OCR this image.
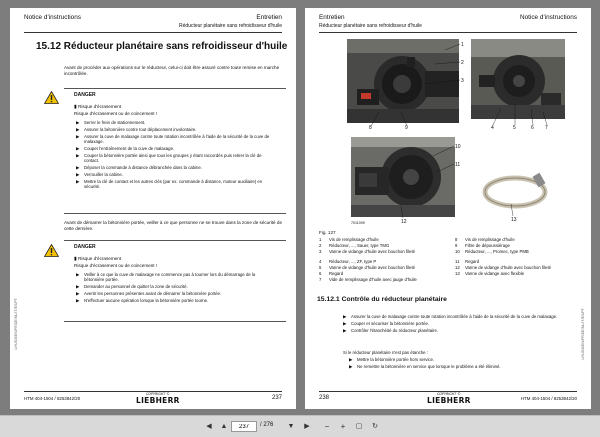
Notice d'instructions	Entretien
Réducteur planétaire sans refroidisseur d'huile
15.12 Réducteur planétaire sans refroidisseur d'huile
Avant de procéder aux opérations sur le réducteur, celui-ci doit être assuré contre toute remise en marche incontrôlée.
DANGER
▮ Risque d'écrasement
Risque d'écrasement ou de coincement !
▶ Serrer le frein de stationnement.
▶ Assurer la bétonnière contre tout déplacement involontaire.
▶ Assurer la cuve de malaxage contre toute rotation incontrôlée à l'aide de la sécurité de la cuve de malaxage.
▶ Couper l'entraînement de la cuve de malaxage.
▶ Couper la bétonnière portée ainsi que tous les groupes y étant raccordés puis retirer la clé de contact.
▶ Déposer la commande à distance débranchée dans la cabine.
▶ Verrouiller la cabine.
▶ Mettre la clé de contact et les autres clés (par ex. commande à distance, moteur auxiliaire) en sécurité.
Avant de démarrer la bétonnière portée, veiller à ce que personne ne se trouve dans la zone de sécurité de cette dernière.
DANGER
▮ Risque d'écrasement
Risque d'écrasement ou de coincement !
▶ Veiller à ce que la cuve de malaxage ne commence pas à tourner lors du démarrage de la bétonnière portée.
▶ Demander au personnel de quitter la zone de sécurité.
▶ Avertir les personnes présentes avant de démarrer la bétonnière portée.
▶ N'effectuer aucune opération lorsque la bétonnière portée tourne.
LHUS/8/EN/FR/DE/NL/IT/ES/PT
HTM 404-1504 / 8253842/20
COPYRIGHT ©
LIEBHERR	237
Entretien	Notice d'instructions
Réducteur planétaire sans refroidisseur d'huile
1
2
3
4	5	6 7
8	9
10
11
12	13
7011099
Fig. 127
1 Vis de remplissage d'huile
2 Réducteur, ..., Sauer, type TMG
3 Vanne de vidange d'huile avec bouchon fileté
4 Réducteur, ..., ZF, type P
5 Vanne de vidange d'huile avec bouchon fileté
6 Regard
7 Vide de remplissage d'huile avec jauge d'huile
8 Vis de remplissage d'huile
9 Filtre de dépoussiérage
10 Réducteur, ..., Promec, type PMB
11 Regard
12 Vanne de vidange d'huile avec bouchon fileté
13 Vanne de vidange avec flexible
15.12.1 Contrôle du réducteur planétaire
▶ Assurer la cuve de malaxage contre toute rotation incontrôlée à l'aide de la sécurité de la cuve de malaxage.
▶ Couper et sécuriser la bétonnière portée.
▶ Contrôler l'étanchéité du réducteur planétaire.
Si le réducteur planétaire n'est pas étanche :
▶ Mettre la bétonnière portée hors service.
▶ Ne remettre la bétonnière en service que lorsque le problème a été éliminé.
LHUS/8/EN/FR/DE/NL/IT/ES/PT
238
COPYRIGHT ©
LIEBHERR	HTM 404-1504 / 8253842/20
◀	▲
237	/ 276	▼	▶	−	+	▢	↻
